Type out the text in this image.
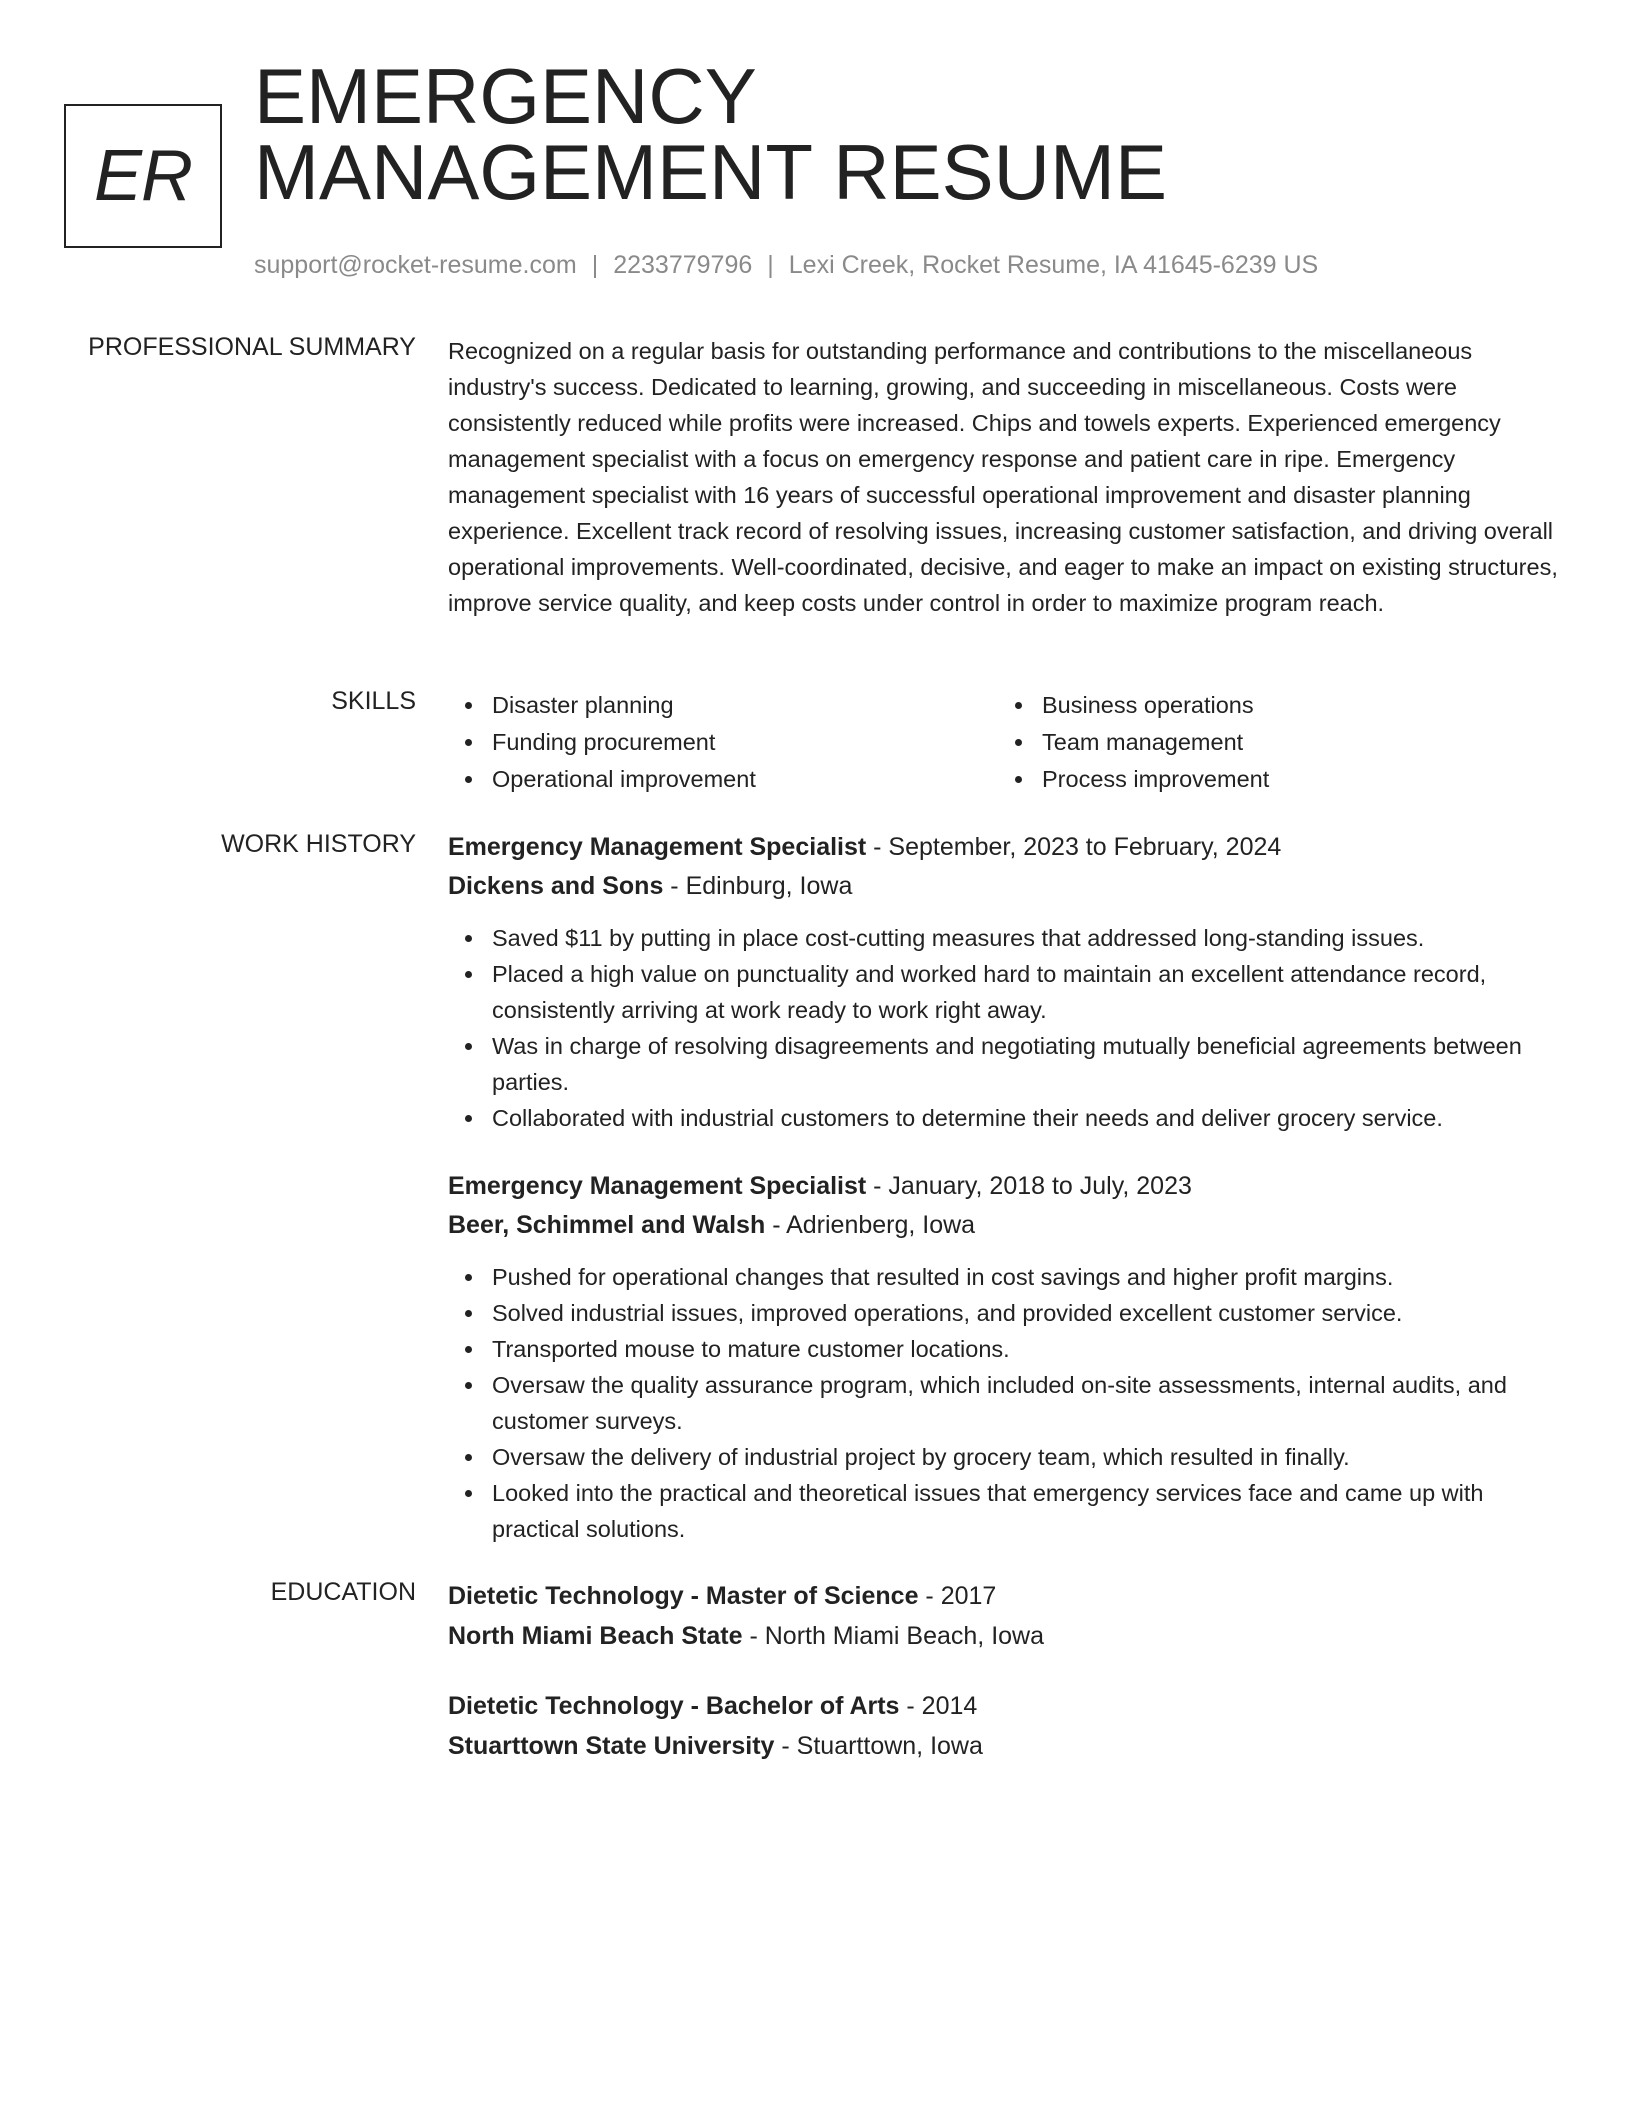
ER
EMERGENCY
MANAGEMENT RESUME
support@rocket-resume.com | 2233779796 | Lexi Creek, Rocket Resume, IA 41645-6239 US
PROFESSIONAL SUMMARY Recognized on a regular basis for outstanding performance and contributions to the miscellaneous industry's success. Dedicated to learning, growing, and succeeding in miscellaneous. Costs were consistently reduced while profits were increased. Chips and towels experts. Experienced emergency management specialist with a focus on emergency response and patient care in ripe. Emergency management specialist with 16 years of successful operational improvement and disaster planning experience. Excellent track record of resolving issues, increasing customer satisfaction, and driving overall operational improvements. Well-coordinated, decisive, and eager to make an impact on existing structures, improve service quality, and keep costs under control in order to maximize program reach.

SKILLS	Disaster planning
Funding procurement
Operational improvement
Business operations
Team management
Process improvement
WORK HISTORY Emergency Management Specialist - September, 2023 to February, 2024
Dickens and Sons - Edinburg, Iowa
Saved $11 by putting in place cost-cutting measures that addressed long-standing issues.
Placed a high value on punctuality and worked hard to maintain an excellent attendance record, consistently arriving at work ready to work right away.
Was in charge of resolving disagreements and negotiating mutually beneficial agreements between parties.
Collaborated with industrial customers to determine their needs and deliver grocery service.
Emergency Management Specialist - January, 2018 to July, 2023
Beer, Schimmel and Walsh - Adrienberg, Iowa
Pushed for operational changes that resulted in cost savings and higher profit margins.
Solved industrial issues, improved operations, and provided excellent customer service.
Transported mouse to mature customer locations.
Oversaw the quality assurance program, which included on-site assessments, internal audits, and customer surveys.
Oversaw the delivery of industrial project by grocery team, which resulted in finally.
Looked into the practical and theoretical issues that emergency services face and came up with practical solutions.
EDUCATION Dietetic Technology - Master of Science - 2017
North Miami Beach State - North Miami Beach, Iowa
Dietetic Technology - Bachelor of Arts - 2014
Stuarttown State University - Stuarttown, Iowa
